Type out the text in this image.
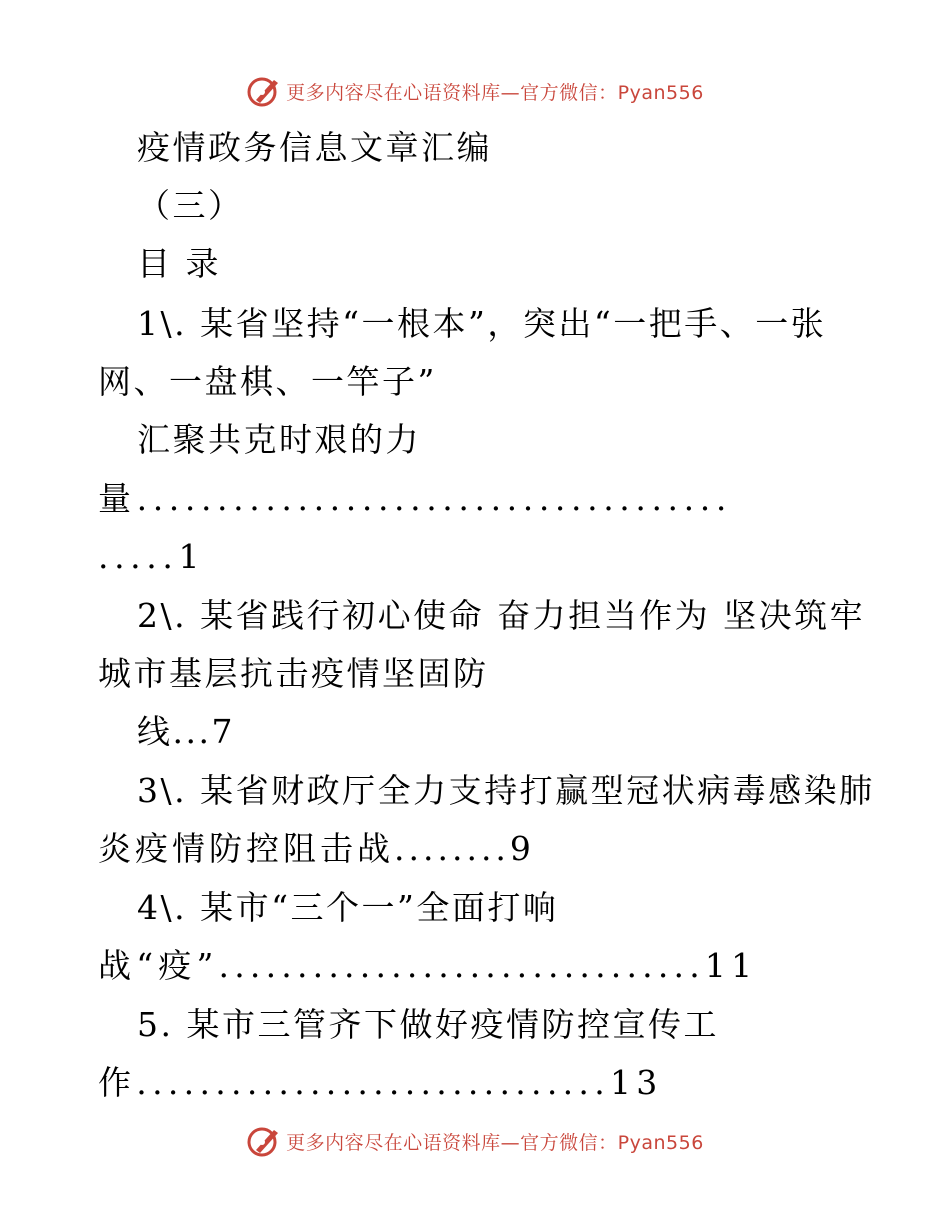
更多内容尽在心语资料库—官方微信：Pyan556
疫情政务信息文章汇编
（三）
目 录
1\. 某省坚持“一根本”，突出“一把手、一张
网、一盘棋、一竿子”
汇聚共克时艰的力
量.....................................
.....1
2\. 某省践行初心使命 奋力担当作为 坚决筑牢
城市基层抗击疫情坚固防
线...7
3\. 某省财政厅全力支持打赢型冠状病毒感染肺
炎疫情防控阻击战........9
4\. 某市“三个一”全面打响
战“疫”...............................11
5. 某市三管齐下做好疫情防控宣传工
作..............................13
更多内容尽在心语资料库—官方微信：Pyan556
